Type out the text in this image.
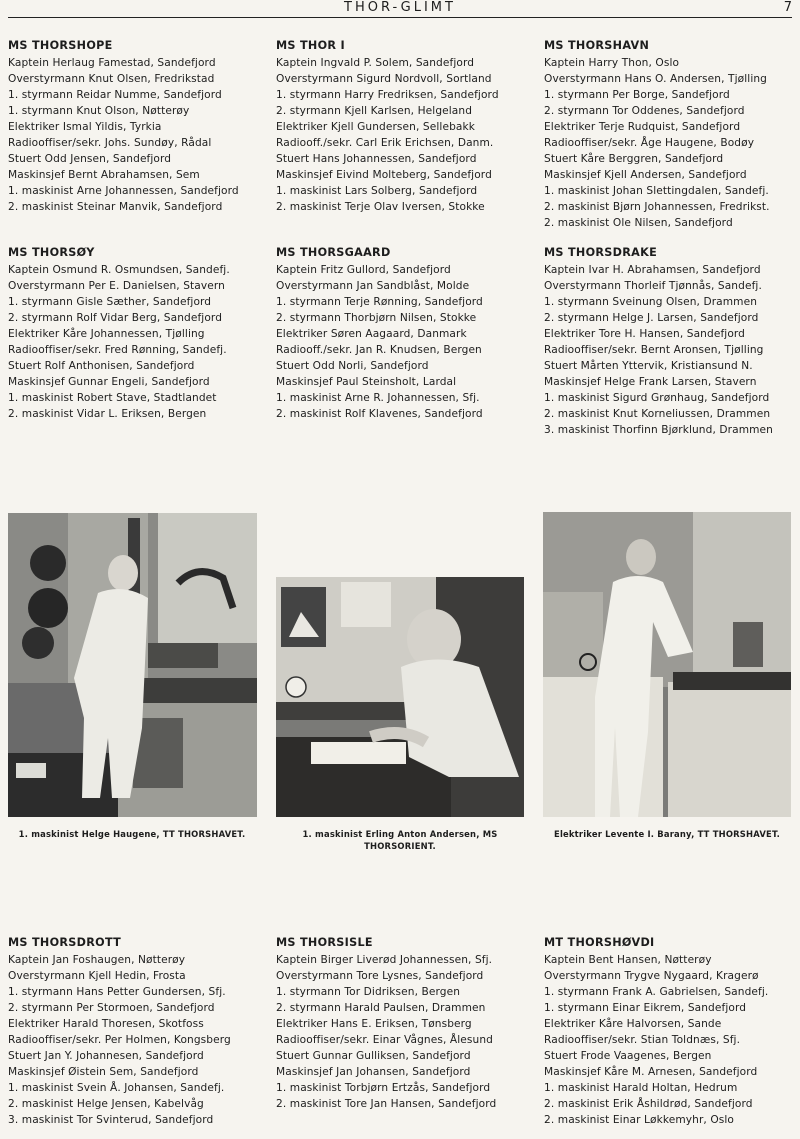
THOR-GLIMT	7
MS THORSHOPE
Kaptein Herlaug Famestad, Sandefjord
Overstyrmann Knut Olsen, Fredrikstad
1. styrmann Reidar Numme, Sandefjord
1. styrmann Knut Olson, Nøtterøy
Elektriker Ismal Yildis, Tyrkia
Radiooffiser/sekr. Johs. Sundøy, Rådal
Stuert Odd Jensen, Sandefjord
Maskinsjef Bernt Abrahamsen, Sem
1. maskinist Arne Johannessen, Sandefjord
2. maskinist Steinar Manvik, Sandefjord
MS THOR I
Kaptein Ingvald P. Solem, Sandefjord
Overstyrmann Sigurd Nordvoll, Sortland
1. styrmann Harry Fredriksen, Sandefjord
2. styrmann Kjell Karlsen, Helgeland
Elektriker Kjell Gundersen, Sellebakk
Radiooff./sekr. Carl Erik Erichsen, Danm.
Stuert Hans Johannessen, Sandefjord
Maskinsjef Eivind Molteberg, Sandefjord
1. maskinist Lars Solberg, Sandefjord
2. maskinist Terje Olav Iversen, Stokke
MS THORSHAVN
Kaptein Harry Thon, Oslo
Overstyrmann Hans O. Andersen, Tjølling
1. styrmann Per Borge, Sandefjord
2. styrmann Tor Oddenes, Sandefjord
Elektriker Terje Rudquist, Sandefjord
Radiooffiser/sekr. Åge Haugene, Bodøy
Stuert Kåre Berggren, Sandefjord
Maskinsjef Kjell Andersen, Sandefjord
1. maskinist Johan Slettingdalen, Sandefj.
2. maskinist Bjørn Johannessen, Fredrikst.
2. maskinist Ole Nilsen, Sandefjord
MS THORSØY
Kaptein Osmund R. Osmundsen, Sandefj.
Overstyrmann Per E. Danielsen, Stavern
1. styrmann Gisle Sæther, Sandefjord
2. styrmann Rolf Vidar Berg, Sandefjord
Elektriker Kåre Johannessen, Tjølling
Radiooffiser/sekr. Fred Rønning, Sandefj.
Stuert Rolf Anthonisen, Sandefjord
Maskinsjef Gunnar Engeli, Sandefjord
1. maskinist Robert Stave, Stadtlandet
2. maskinist Vidar L. Eriksen, Bergen
MS THORSGAARD
Kaptein Fritz Gullord, Sandefjord
Overstyrmann Jan Sandblåst, Molde
1. styrmann Terje Rønning, Sandefjord
2. styrmann Thorbjørn Nilsen, Stokke
Elektriker Søren Aagaard, Danmark
Radiooff./sekr. Jan R. Knudsen, Bergen
Stuert Odd Norli, Sandefjord
Maskinsjef Paul Steinsholt, Lardal
1. maskinist Arne R. Johannessen, Sfj.
2. maskinist Rolf Klavenes, Sandefjord
MS THORSDRAKE
Kaptein Ivar H. Abrahamsen, Sandefjord
Overstyrmann Thorleif Tjønnås, Sandefj.
1. styrmann Sveinung Olsen, Drammen
2. styrmann Helge J. Larsen, Sandefjord
Elektriker Tore H. Hansen, Sandefjord
Radiooffiser/sekr. Bernt Aronsen, Tjølling
Stuert Mårten Yttervik, Kristiansund N.
Maskinsjef Helge Frank Larsen, Stavern
1. maskinist Sigurd Grønhaug, Sandefjord
2. maskinist Knut Korneliussen, Drammen
3. maskinist Thorfinn Bjørklund, Drammen
1. maskinist Helge Haugene, TT THORSHAVET.	1. maskinist Erling Anton Andersen, MS THORSORIENT.
Elektriker Levente I. Barany, TT THORSHAVET.
MS THORSDROTT
Kaptein Jan Foshaugen, Nøtterøy
Overstyrmann Kjell Hedin, Frosta
1. styrmann Hans Petter Gundersen, Sfj.
2. styrmann Per Stormoen, Sandefjord
Elektriker Harald Thoresen, Skotfoss
Radiooffiser/sekr. Per Holmen, Kongsberg
Stuert Jan Y. Johannesen, Sandefjord
Maskinsjef Øistein Sem, Sandefjord
1. maskinist Svein Å. Johansen, Sandefj.
2. maskinist Helge Jensen, Kabelvåg
3. maskinist Tor Svinterud, Sandefjord
MS THORSISLE
Kaptein Birger Liverød Johannessen, Sfj.
Overstyrmann Tore Lysnes, Sandefjord
1. styrmann Tor Didriksen, Bergen
2. styrmann Harald Paulsen, Drammen
Elektriker Hans E. Eriksen, Tønsberg
Radiooffiser/sekr. Einar Vågnes, Ålesund
Stuert Gunnar Gulliksen, Sandefjord
Maskinsjef Jan Johansen, Sandefjord
1. maskinist Torbjørn Ertzås, Sandefjord
2. maskinist Tore Jan Hansen, Sandefjord
MT THORSHØVDI
Kaptein Bent Hansen, Nøtterøy
Overstyrmann Trygve Nygaard, Kragerø
1. styrmann Frank A. Gabrielsen, Sandefj.
1. styrmann Einar Eikrem, Sandefjord
Elektriker Kåre Halvorsen, Sande
Radiooffiser/sekr. Stian Toldnæs, Sfj.
Stuert Frode Vaagenes, Bergen
Maskinsjef Kåre M. Arnesen, Sandefjord
1. maskinist Harald Holtan, Hedrum
2. maskinist Erik Åshildrød, Sandefjord
2. maskinist Einar Løkkemyhr, Oslo
